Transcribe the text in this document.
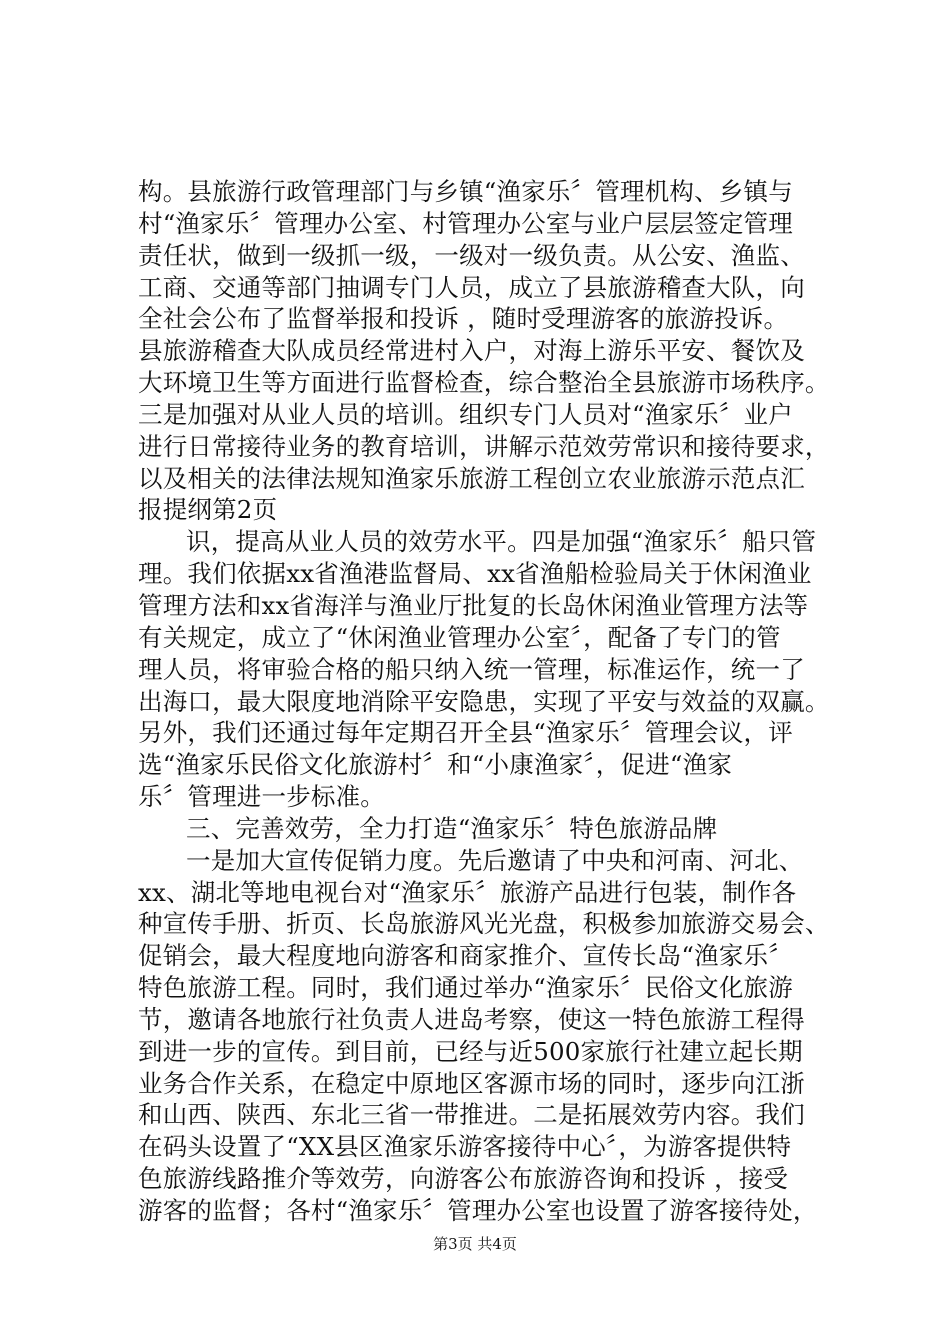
构。县旅游行政管理部门与乡镇“渔家乐〞管理机构、乡镇与
村“渔家乐〞管理办公室、村管理办公室与业户层层签定管理
责任状，做到一级抓一级，一级对一级负责。从公安、渔监、
工商、交通等部门抽调专门人员，成立了县旅游稽查大队，向
全社会公布了监督举报和投诉 ，随时受理游客的旅游投诉。
县旅游稽查大队成员经常进村入户，对海上游乐平安、餐饮及
大环境卫生等方面进行监督检查，综合整治全县旅游市场秩序。
三是加强对从业人员的培训。组织专门人员对“渔家乐〞业户
进行日常接待业务的教育培训，讲解示范效劳常识和接待要求，
以及相关的法律法规知渔家乐旅游工程创立农业旅游示范点汇
报提纲第2页
识，提高从业人员的效劳水平。四是加强“渔家乐〞船只管
理。我们依据xx省渔港监督局、xx省渔船检验局关于休闲渔业
管理方法和xx省海洋与渔业厅批复的长岛休闲渔业管理方法等
有关规定，成立了“休闲渔业管理办公室〞，配备了专门的管
理人员，将审验合格的船只纳入统一管理，标准运作，统一了
出海口，最大限度地消除平安隐患，实现了平安与效益的双赢。
另外，我们还通过每年定期召开全县“渔家乐〞管理会议，评
选“渔家乐民俗文化旅游村〞和“小康渔家〞，促进“渔家
乐〞管理进一步标准。
三、完善效劳，全力打造“渔家乐〞特色旅游品牌
一是加大宣传促销力度。先后邀请了中央和河南、河北、
xx、湖北等地电视台对“渔家乐〞旅游产品进行包装，制作各
种宣传手册、折页、长岛旅游风光光盘，积极参加旅游交易会、
促销会，最大程度地向游客和商家推介、宣传长岛“渔家乐〞
特色旅游工程。同时，我们通过举办“渔家乐〞民俗文化旅游
节，邀请各地旅行社负责人进岛考察，使这一特色旅游工程得
到进一步的宣传。到目前，已经与近500家旅行社建立起长期
业务合作关系，在稳定中原地区客源市场的同时，逐步向江浙
和山西、陕西、东北三省一带推进。二是拓展效劳内容。我们
在码头设置了“XX县区渔家乐游客接待中心〞，为游客提供特
色旅游线路推介等效劳，向游客公布旅游咨询和投诉 ，接受
游客的监督；各村“渔家乐〞管理办公室也设置了游客接待处，
第3页 共4页
